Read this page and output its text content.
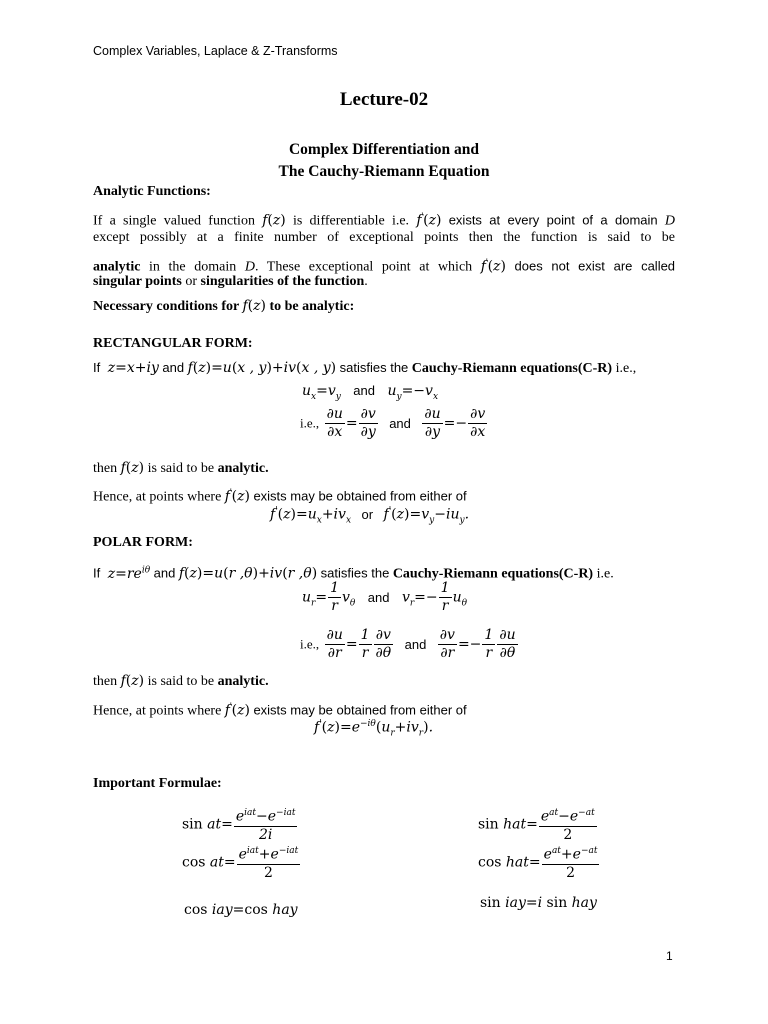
Complex Variables, Laplace & Z-Transforms
Lecture-02
Complex Differentiation and
The Cauchy-Riemann Equation
Analytic Functions:
If a single valued function f(z) is differentiable i.e. f'(z) exists at every point of a domain D
except possibly at a finite number of exceptional points then the function is said to be
analytic in the domain D. These exceptional point at which f'(z) does not exist are called
singular points or singularities of the function.
Necessary conditions for f(z) to be analytic:
RECTANGULAR FORM:
If z=x+iy and f(z)=u(x , y)+iv(x , y) satisfies the Cauchy-Riemann equations(C-R) i.e.,
$u_x=v_y$ and $u_y=-v_x$
i.e., $\frac{\partial u}{\partial x} = \frac{\partial v}{\partial y}$ and $\frac{\partial u}{\partial y} =- \frac{\partial v}{\partial x}$
then f(z) is said to be analytic.
Hence, at points where f'(z) exists may be obtained from either of
$f'(z)=u_x+iv_x$ or $f'(z)=v_y-iu_y$.
POLAR FORM:
If $z=re^{i\theta}$ and f(z)=u(r ,θ)+iv(r ,θ) satisfies the Cauchy-Riemann equations(C-R) i.e.
$u_r= \frac{1}{r} v_\theta$ and $v_r=- \frac{1}{r} u_\theta$
i.e., $\frac{\partial u}{\partial r} = \frac{1}{r} \frac{\partial v}{\partial\theta}$ and $\frac{\partial v}{\partial r} =- \frac{1}{r} \frac{\partial u}{\partial\theta}$
then f(z) is said to be analytic.
Hence, at points where f'(z) exists may be obtained from either of
$f'(z)=e^{-i\theta}(u_r+iv_r)$.
Important Formulae:
$\sin at= \frac{e^{iat}-e^{-iat}}{2i}$
$\cos at= \frac{e^{iat}+e^{-iat}}{2}$
cos iay=cos hay
$\sin hat= \frac{e^{at}-e^{-at}}{2}$
$\cos hat= \frac{e^{at}+e^{-at}}{2}$
sin iay=i sin hay
1
